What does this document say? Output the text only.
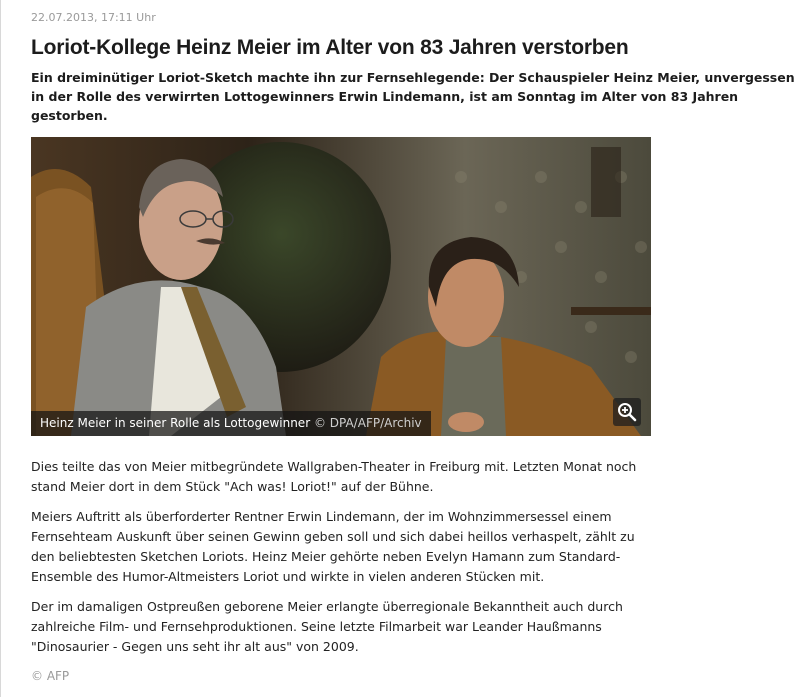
22.07.2013, 17:11 Uhr
Loriot-Kollege Heinz Meier im Alter von 83 Jahren verstorben

Ein dreiminütiger Loriot-Sketch machte ihn zur Fernsehlegende: Der Schauspieler Heinz Meier, unvergessen in der Rolle des verwirrten Lottogewinners Erwin Lindemann, ist am Sonntag im Alter von 83 Jahren gestorben.

Heinz Meier in seiner Rolle als Lottogewinner © DPA/AFP/Archiv

Dies teilte das von Meier mitbegründete Wallgraben-Theater in Freiburg mit. Letzten Monat noch stand Meier dort in dem Stück "Ach was! Loriot!" auf der Bühne.

Meiers Auftritt als überforderter Rentner Erwin Lindemann, der im Wohnzimmersessel einem Fernsehteam Auskunft über seinen Gewinn geben soll und sich dabei heillos verhaspelt, zählt zu den beliebtesten Sketchen Loriots. Heinz Meier gehörte neben Evelyn Hamann zum Standard-Ensemble des Humor-Altmeisters Loriot und wirkte in vielen anderen Stücken mit.

Der im damaligen Ostpreußen geborene Meier erlangte überregionale Bekanntheit auch durch zahlreiche Film- und Fernsehproduktionen. Seine letzte Filmarbeit war Leander Haußmanns "Dinosaurier - Gegen uns seht ihr alt aus" von 2009.

© AFP
